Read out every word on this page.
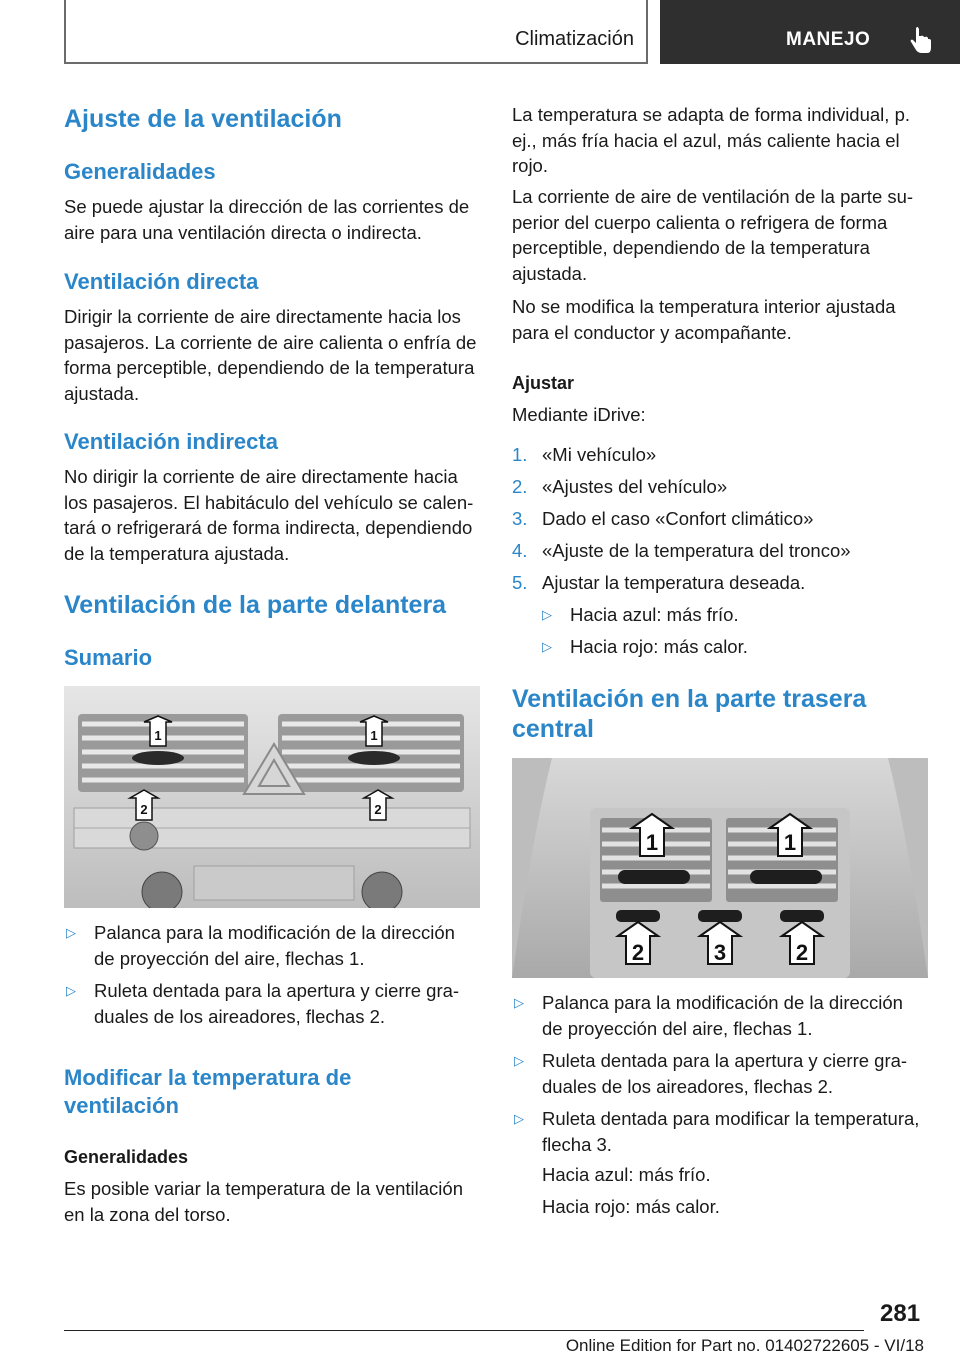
Climatización	MANEJO
Ajuste de la ventilación
Generalidades
Se puede ajustar la dirección de las corrientes de aire para una ventilación directa o indirecta.
Ventilación directa
Dirigir la corriente de aire directamente hacia los pasajeros. La corriente de aire calienta o enfría de forma perceptible, dependiendo de la temperatura ajustada.
Ventilación indirecta
No dirigir la corriente de aire directamente hacia los pasajeros. El habitáculo del vehículo se calentará o refrigerará de forma indirecta, dependiendo de la temperatura ajustada.
Ventilación de la parte delantera
Sumario
1	1
2	2
▷ Palanca para la modificación de la dirección de proyección del aire, flechas 1.
▷ Ruleta dentada para la apertura y cierre graduales de los aireadores, flechas 2.
Modificar la temperatura de
ventilación
Generalidades
Es posible variar la temperatura de la ventilación en la zona del torso.
La temperatura se adapta de forma individual, p. ej., más fría hacia el azul, más caliente hacia el rojo.
La corriente de aire de ventilación de la parte superior del cuerpo calienta o refrigera de forma perceptible, dependiendo de la temperatura ajustada.
No se modifica la temperatura interior ajustada para el conductor y acompañante.
Ajustar
Mediante iDrive:
1. «Mi vehículo»
2. «Ajustes del vehículo»
3. Dado el caso «Confort climático»
4. «Ajuste de la temperatura del tronco»
5. Ajustar la temperatura deseada.
▷ Hacia azul: más frío.
▷ Hacia rojo: más calor.
Ventilación en la parte trasera
central
1	1
2	3	2
▷ Palanca para la modificación de la dirección de proyección del aire, flechas 1.
▷ Ruleta dentada para la apertura y cierre graduales de los aireadores, flechas 2.
▷ Ruleta dentada para modificar la temperatura, flecha 3.
Hacia azul: más frío.
Hacia rojo: más calor.
281
Online Edition for Part no. 01402722605 - VI/18
